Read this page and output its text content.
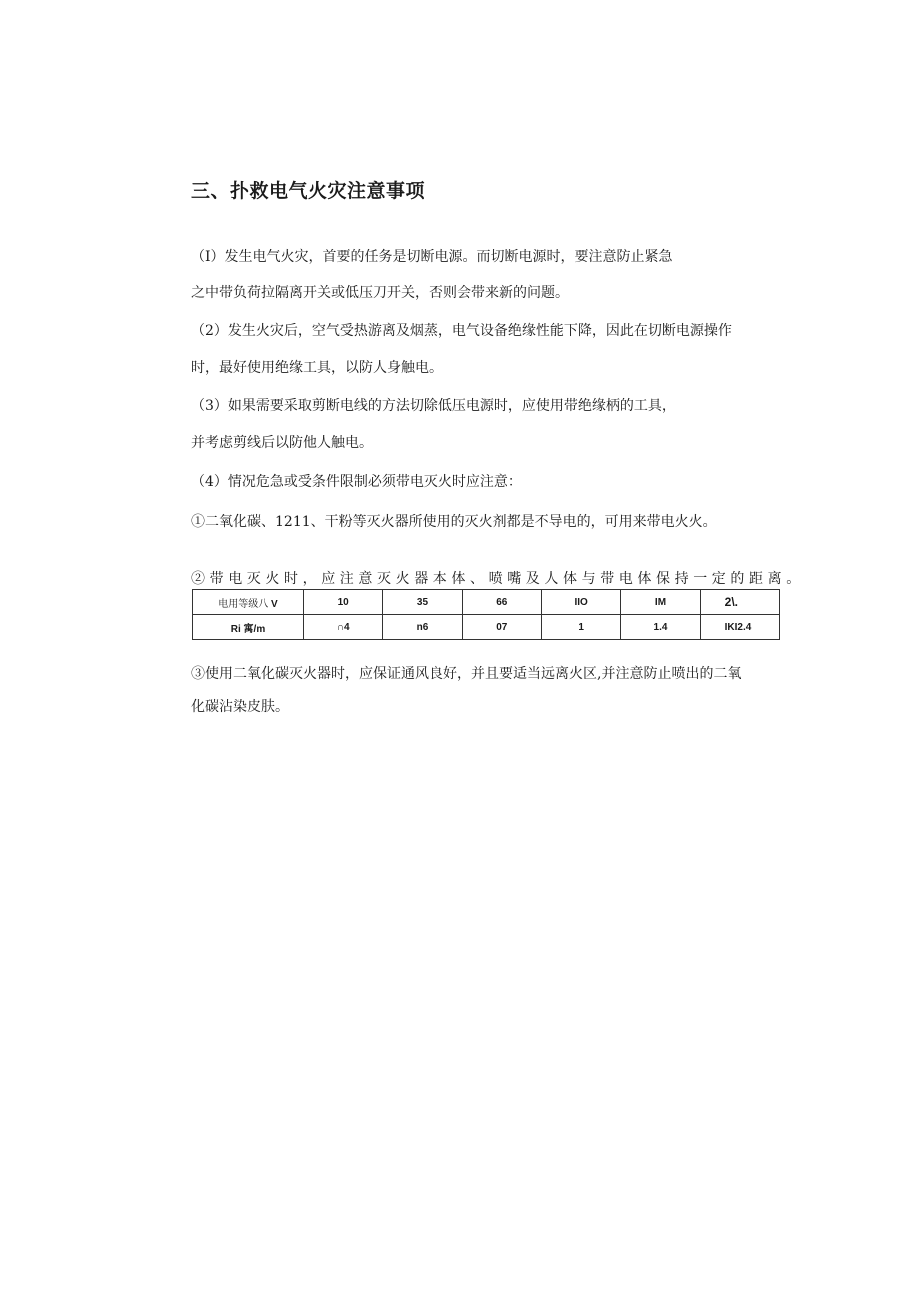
三、扑救电气火灾注意事项

（I）发生电气火灾，首要的任务是切断电源。而切断电源时，要注意防止紧急

之中带负荷拉隔离开关或低压刀开关，否则会带来新的问题。

（2）发生火灾后，空气受热游离及烟蒸，电气设备绝缘性能下降，因此在切断电源操作

时，最好使用绝缘工具，以防人身触电。

（3）如果需要采取剪断电线的方法切除低压电源时，应使用带绝缘柄的工具，

并考虑剪线后以防他人触电。

（4）情况危急或受条件限制必须带电灭火时应注意：

①二氧化碳、1211、干粉等灭火器所使用的灭火剂都是不导电的，可用来带电火火。

②带电灭火时，应注意灭火器本体、喷嘴及人体与带电体保持一定的距离。

电用等级八 V	10	35	66	IIO	IM	2\.
Ri 寓/m	∩4	n6	07	1	1.4	IKI2.4

③使用二氧化碳灭火器时，应保证通风良好，并且要适当远离火区,并注意防止喷出的二氧

化碳沾染皮肤。
